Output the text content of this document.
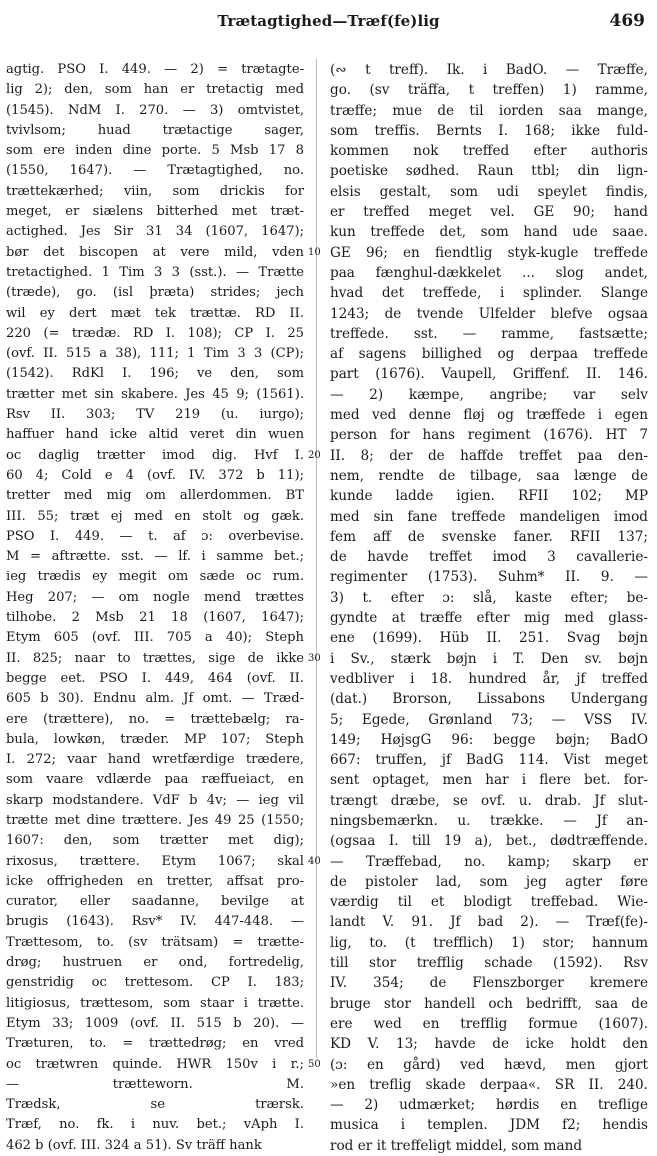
Trætagtighed—Træf(fe)lig	469
10
20
30
40
50
agtig. PSO I. 449. — 2) = trætagte-
lig 2); den, som han er tretactig med
(1545). NdM I. 270. — 3) omtvistet,
tvivlsom; huad trætactige sager,
som ere inden dine porte. 5 Msb 17 8
(1550, 1647). — Trætagtighed, no.
trættekærhed; viin, som drickis for
meget, er siælens bitterhed met træt-
actighed. Jes Sir 31 34 (1607, 1647);
bør det biscopen at vere mild, vden
tretactighed. 1 Tim 3 3 (sst.). — Trætte
(træde), go. (isl þræta) strides; jech
wil ey dert mæt tek trættæ. RD II.
220 (= trædæ. RD I. 108); CP I. 25
(ovf. II. 515 a 38), 111; 1 Tim 3 3 (CP);
(1542). RdKl I. 196; ve den, som
trætter met sin skabere. Jes 45 9; (1561).
Rsv II. 303; TV 219 (u. iurgo);
haffuer hand icke altid veret din wuen
oc daglig trætter imod dig. Hvf I.
60 4; Cold e 4 (ovf. IV. 372 b 11);
tretter med mig om allerdommen. BT
III. 55; træt ej med en stolt og gæk.
PSO I. 449. — t. af ɔ: overbevise.
M = aftrætte. sst. — lf. i samme bet.;
ieg trædis ey megit om sæde oc rum.
Heg 207; — om nogle mend trættes
tilhobe. 2 Msb 21 18 (1607, 1647);
Etym 605 (ovf. III. 705 a 40); Steph
II. 825; naar to trættes, sige de ikke
begge eet. PSO I. 449, 464 (ovf. II.
605 b 30). Endnu alm. Jf omt. — Træd-
ere (trættere), no. = trættebælg; ra-
bula, lowkøn, træder. MP 107; Steph
I. 272; vaar hand wretfærdige trædere,
som vaare vdlærde paa ræffueiact, en
skarp modstandere. VdF b 4v; — ieg vil
trætte met dine trættere. Jes 49 25 (1550;
1607: den, som trætter met dig);
rixosus, trættere. Etym 1067; skal
icke offrigheden en tretter, affsat pro-
curator, eller saadanne, bevilge at
brugis (1643). Rsv* IV. 447-448. —
Trættesom, to. (sv trätsam) = trætte-
drøg; hustruen er ond, fortredelig,
genstridig oc trettesom. CP I. 183;
litigiosus, trættesom, som staar i trætte.
Etym 33; 1009 (ovf. II. 515 b 20). —
Træturen, to. = trættedrøg; en vred
oc trætwren quinde. HWR 150v i r.;
— trætteworn. M.
Trædsk, se trærsk.
Træf, no. fk. i nuv. bet.; vAph I.
462 b (ovf. III. 324 a 51). Sv träff hank
(∾ t treff). Ik. i BadO. — Træffe,
go. (sv träffa, t treffen) 1) ramme,
træffe; mue de til iorden saa mange,
som treffis. Bernts I. 168; ikke fuld-
kommen nok treffed efter authoris
poetiske sødhed. Raun ttbl; din lign-
elsis gestalt, som udi speylet findis,
er treffed meget vel. GE 90; hand
kun treffede det, som hand ude saae.
GE 96; en fiendtlig styk-kugle treffede
paa fænghul-dækkelet ... slog andet,
hvad det treffede, i splinder. Slange
1243; de tvende Ulfelder blefve ogsaa
treffede. sst. — ramme, fastsætte;
af sagens billighed og derpaa treffede
part (1676). Vaupell, Griffenf. II. 146.
— 2) kæmpe, angribe; var selv
med ved denne fløj og træffede i egen
person for hans regiment (1676). HT 7
II. 8; der de haffde treffet paa den-
nem, rendte de tilbage, saa længe de
kunde ladde igien. RFII 102; MP
med sin fane treffede mandeligen imod
fem aff de svenske faner. RFII 137;
de havde treffet imod 3 cavallerie-
regimenter (1753). Suhm* II. 9. —
3) t. efter ɔ: slå, kaste efter; be-
gyndte at træffe efter mig med glass-
ene (1699). Hüb II. 251. Svag bøjn
i Sv., stærk bøjn i T. Den sv. bøjn
vedbliver i 18. hundred år, jf treffed
(dat.) Brorson, Lissabons Undergang
5; Egede, Grønland 73; — VSS IV.
149; HøjsgG 96: begge bøjn; BadO
667: truffen, jf BadG 114. Vist meget
sent optaget, men har i flere bet. for-
trængt dræbe, se ovf. u. drab. Jf slut-
ningsbemærkn. u. trække. — Jf an-
(ogsaa I. till 19 a), bet., dødtræffende.
— Træffebad, no. kamp; skarp er
de pistoler lad, som jeg agter føre
værdig til et blodigt treffebad. Wie-
landt V. 91. Jf bad 2). — Træf(fe)-
lig, to. (t trefflich) 1) stor; hannum
till stor trefflig schade (1592). Rsv
IV. 354; de Flenszborger kremere
bruge stor handell och bedrifft, saa de
ere wed en trefflig formue (1607).
KD V. 13; havde de icke holdt den
(ɔ: en gård) ved hævd, men gjort
»en treflig skade derpaa«. SR II. 240.
— 2) udmærket; hørdis en treflige
musica i templen. JDM f2; hendis
rod er it treffeligt middel, som mand
